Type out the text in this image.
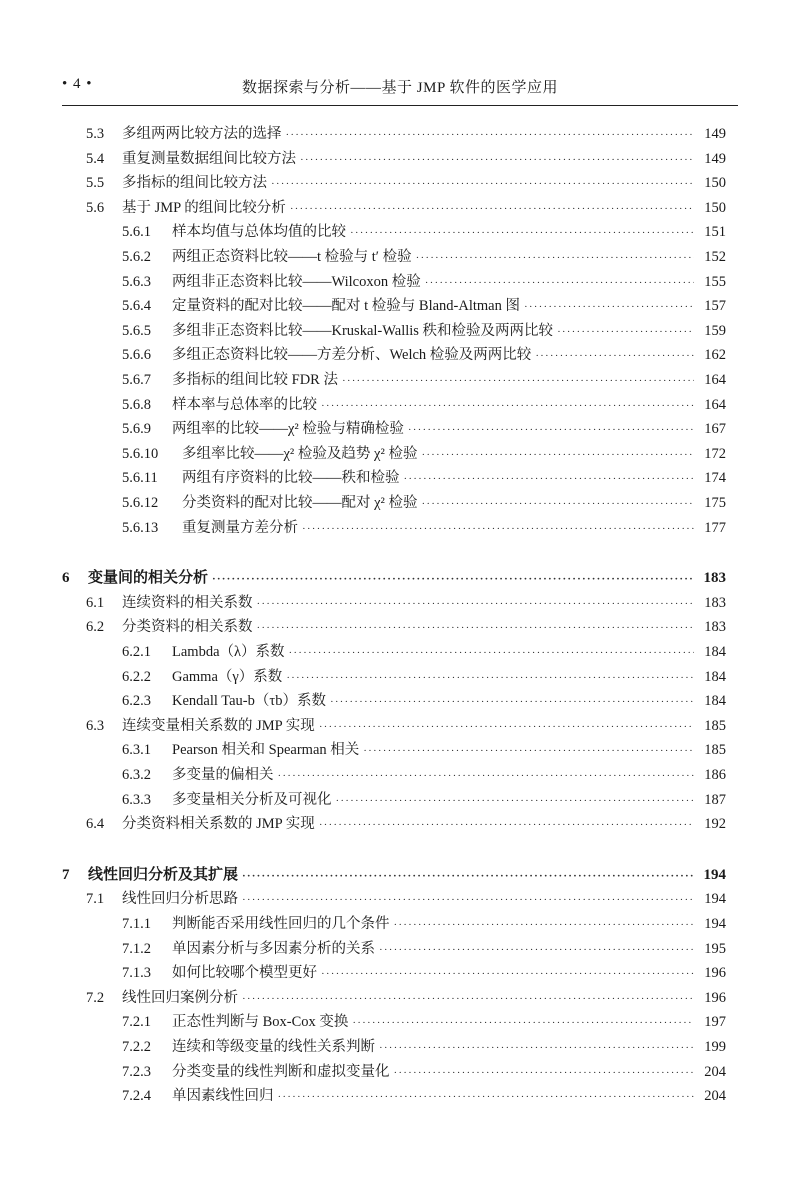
• 4 •	数据探索与分析——基于 JMP 软件的医学应用
5.3	多组两两比较方法的选择 ·····	149
5.4	重复测量数据组间比较方法 ·····	149
5.5	多指标的组间比较方法 ·····	150
5.6	基于 JMP 的组间比较分析 ·····	150
5.6.1	样本均值与总体均值的比较 ·····	151
5.6.2	两组正态资料比较——t 检验与 t′ 检验 ·····	152
5.6.3	两组非正态资料比较——Wilcoxon 检验 ·····	155
5.6.4	定量资料的配对比较——配对 t 检验与 Bland-Altman 图 ·····	157
5.6.5	多组非正态资料比较——Kruskal-Wallis 秩和检验及两两比较 ·····	159
5.6.6	多组正态资料比较——方差分析、Welch 检验及两两比较 ·····	162
5.6.7	多指标的组间比较 FDR 法 ·····	164
5.6.8	样本率与总体率的比较 ·····	164
5.6.9	两组率的比较——χ² 检验与精确检验 ·····	167
5.6.10	多组率比较——χ² 检验及趋势 χ² 检验 ·····	172
5.6.11	两组有序资料的比较——秩和检验 ·····	174
5.6.12	分类资料的配对比较——配对 χ² 检验 ·····	175
5.6.13	重复测量方差分析 ·····	177
6	变量间的相关分析 ·····	183
6.1	连续资料的相关系数 ·····	183
6.2	分类资料的相关系数 ·····	183
6.2.1	Lambda（λ）系数 ·····	184
6.2.2	Gamma（γ）系数 ·····	184
6.2.3	Kendall Tau-b（τb）系数 ·····	184
6.3	连续变量相关系数的 JMP 实现 ·····	185
6.3.1	Pearson 相关和 Spearman 相关 ·····	185
6.3.2	多变量的偏相关 ·····	186
6.3.3	多变量相关分析及可视化 ·····	187
6.4	分类资料相关系数的 JMP 实现 ·····	192
7	线性回归分析及其扩展 ·····	194
7.1	线性回归分析思路 ·····	194
7.1.1	判断能否采用线性回归的几个条件 ·····	194
7.1.2	单因素分析与多因素分析的关系 ·····	195
7.1.3	如何比较哪个模型更好 ·····	196
7.2	线性回归案例分析 ·····	196
7.2.1	正态性判断与 Box-Cox 变换 ·····	197
7.2.2	连续和等级变量的线性关系判断 ·····	199
7.2.3	分类变量的线性判断和虚拟变量化 ·····	204
7.2.4	单因素线性回归 ·····	204
